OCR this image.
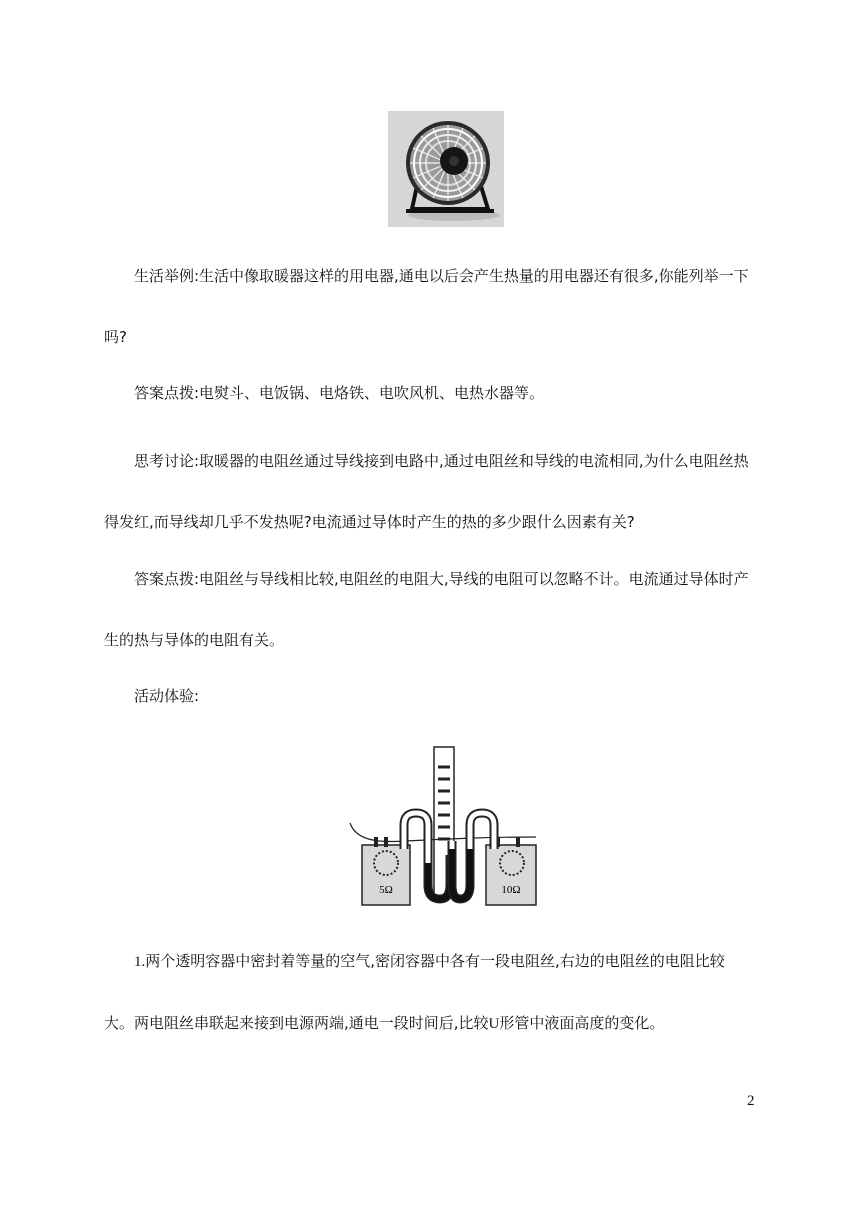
生活举例:生活中像取暖器这样的用电器,通电以后会产生热量的用电器还有很多,你能列举一下吗?

答案点拨:电熨斗、电饭锅、电烙铁、电吹风机、电热水器等。

思考讨论:取暖器的电阻丝通过导线接到电路中,通过电阻丝和导线的电流相同,为什么电阻丝热得发红,而导线却几乎不发热呢?电流通过导体时产生的热的多少跟什么因素有关?

答案点拨:电阻丝与导线相比较,电阻丝的电阻大,导线的电阻可以忽略不计。电流通过导体时产生的热与导体的电阻有关。

活动体验:

5Ω	10Ω

1.两个透明容器中密封着等量的空气,密闭容器中各有一段电阻丝,右边的电阻丝的电阻比较大。两电阻丝串联起来接到电源两端,通电一段时间后,比较U形管中液面高度的变化。

2
